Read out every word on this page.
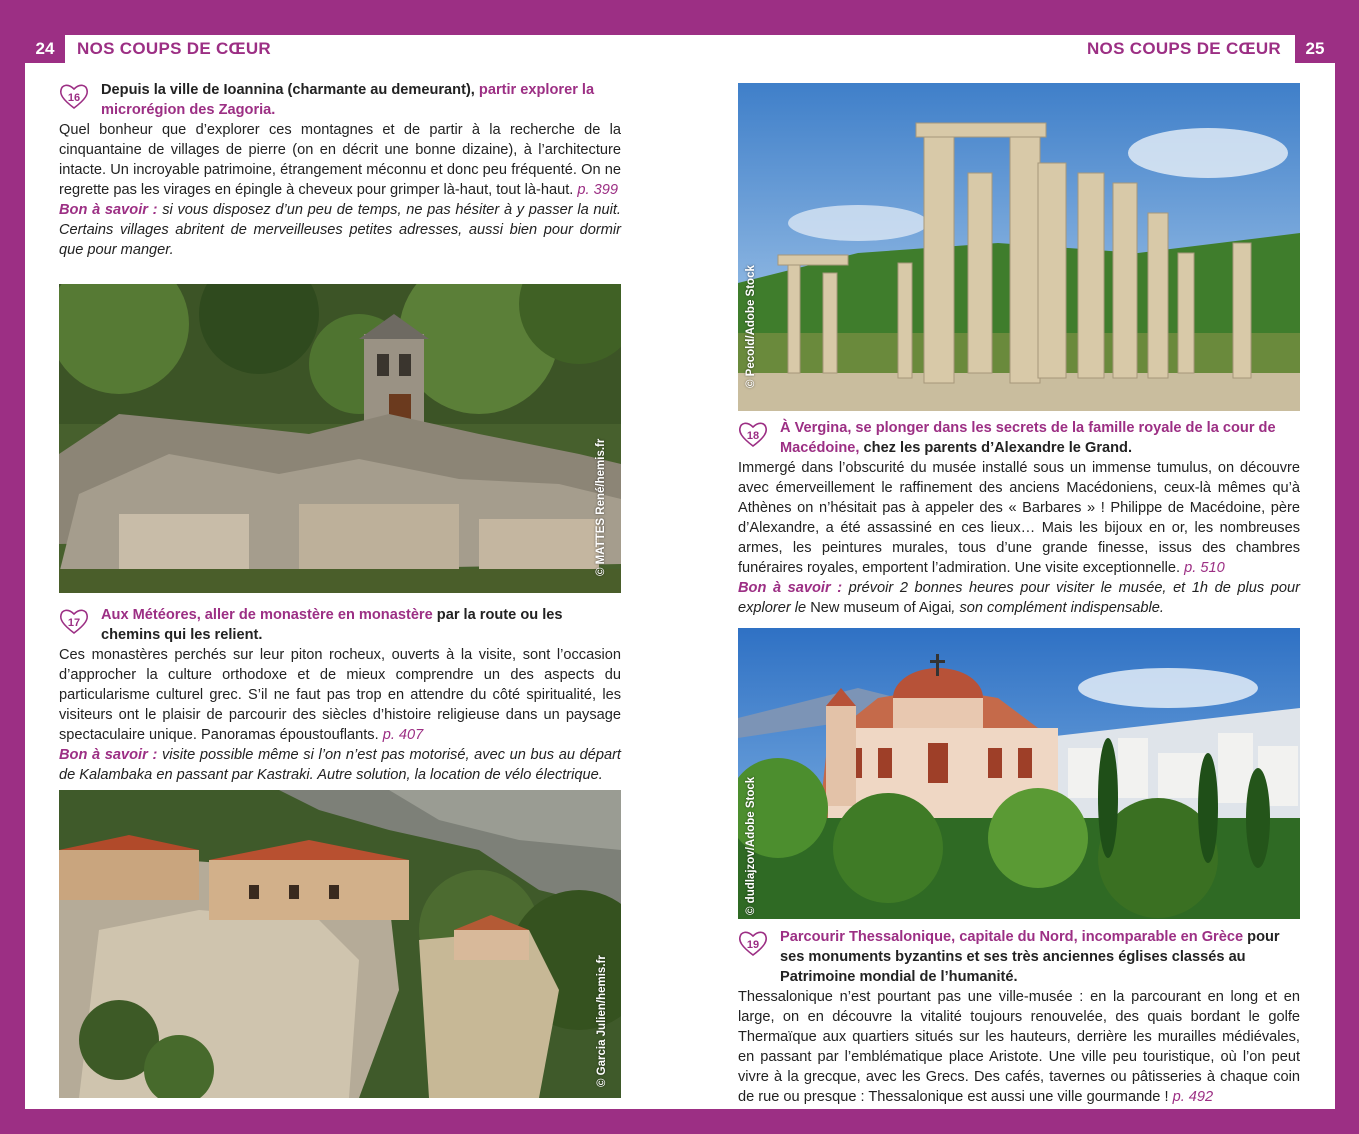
24	NOS COUPS DE CŒUR	NOS COUPS DE CŒUR	25
16	Depuis la ville de Ioannina (charmante au demeurant), partir explorer la microrégion des Zagoria.
Quel bonheur que d’explorer ces montagnes et de partir à la recherche de la cinquantaine de villages de pierre (on en décrit une bonne dizaine), à l’architecture intacte. Un incroyable patrimoine, étrangement méconnu et donc peu fréquenté. On ne regrette pas les virages en épingle à cheveux pour grimper là-haut, tout là-haut. p. 399
Bon à savoir : si vous disposez d’un peu de temps, ne pas hésiter à y passer la nuit. Certains villages abritent de merveilleuses petites adresses, aussi bien pour dormir que pour manger.
© MATTES René/hemis.fr
17	Aux Météores, aller de monastère en monastère par la route ou les chemins qui les relient.
Ces monastères perchés sur leur piton rocheux, ouverts à la visite, sont l’occasion d’approcher la culture orthodoxe et de mieux comprendre un des aspects du particularisme culturel grec. S’il ne faut pas trop en attendre du côté spiritualité, les visiteurs ont le plaisir de parcourir des siècles d’histoire religieuse dans un paysage spectaculaire unique. Panoramas époustouflants. p. 407
Bon à savoir : visite possible même si l’on n’est pas motorisé, avec un bus au départ de Kalambaka en passant par Kastraki. Autre solution, la location de vélo électrique.
© Garcia Julien/hemis.fr
© Pecold/Adobe Stock
18	À Vergina, se plonger dans les secrets de la famille royale de la cour de Macédoine, chez les parents d’Alexandre le Grand.
Immergé dans l’obscurité du musée installé sous un immense tumulus, on découvre avec émerveillement le raffinement des anciens Macédoniens, ceux-là mêmes qu’à Athènes on n’hésitait pas à appeler des « Barbares » ! Philippe de Macédoine, père d’Alexandre, a été assassiné en ces lieux… Mais les bijoux en or, les nombreuses armes, les peintures murales, tous d’une grande finesse, issus des chambres funéraires royales, emportent l’admiration. Une visite exceptionnelle. p. 510
Bon à savoir : prévoir 2 bonnes heures pour visiter le musée, et 1h de plus pour explorer le New museum of Aigai, son complément indispensable.
© dudlajzov/Adobe Stock
19	Parcourir Thessalonique, capitale du Nord, incomparable en Grèce pour ses monuments byzantins et ses très anciennes églises classés au Patrimoine mondial de l’humanité.
Thessalonique n’est pourtant pas une ville-musée : en la parcourant en long et en large, on en découvre la vitalité toujours renouvelée, des quais bordant le golfe Thermaïque aux quartiers situés sur les hauteurs, derrière les murailles médiévales, en passant par l’emblématique place Aristote. Une ville peu touristique, où l’on peut vivre à la grecque, avec les Grecs. Des cafés, tavernes ou pâtisseries à chaque coin de rue ou presque : Thessalonique est aussi une ville gourmande ! p. 492
